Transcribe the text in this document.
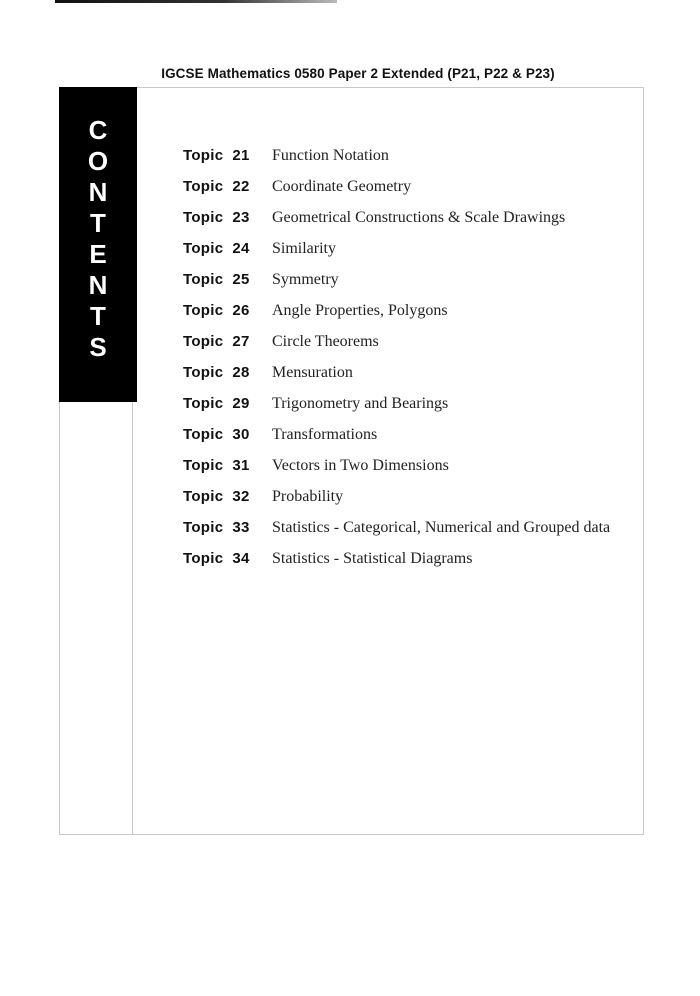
IGCSE Mathematics 0580 Paper 2 Extended (P21, P22 & P23)
C
O
N
T
E
N
T
S
Topic  21	Function Notation
Topic  22	Coordinate Geometry
Topic  23	Geometrical Constructions & Scale Drawings
Topic  24	Similarity
Topic  25	Symmetry
Topic  26	Angle Properties, Polygons
Topic  27	Circle Theorems
Topic  28	Mensuration
Topic  29	Trigonometry and Bearings
Topic  30	Transformations
Topic  31	Vectors in Two Dimensions
Topic  32	Probability
Topic  33	Statistics - Categorical, Numerical and Grouped data
Topic  34	Statistics - Statistical Diagrams
